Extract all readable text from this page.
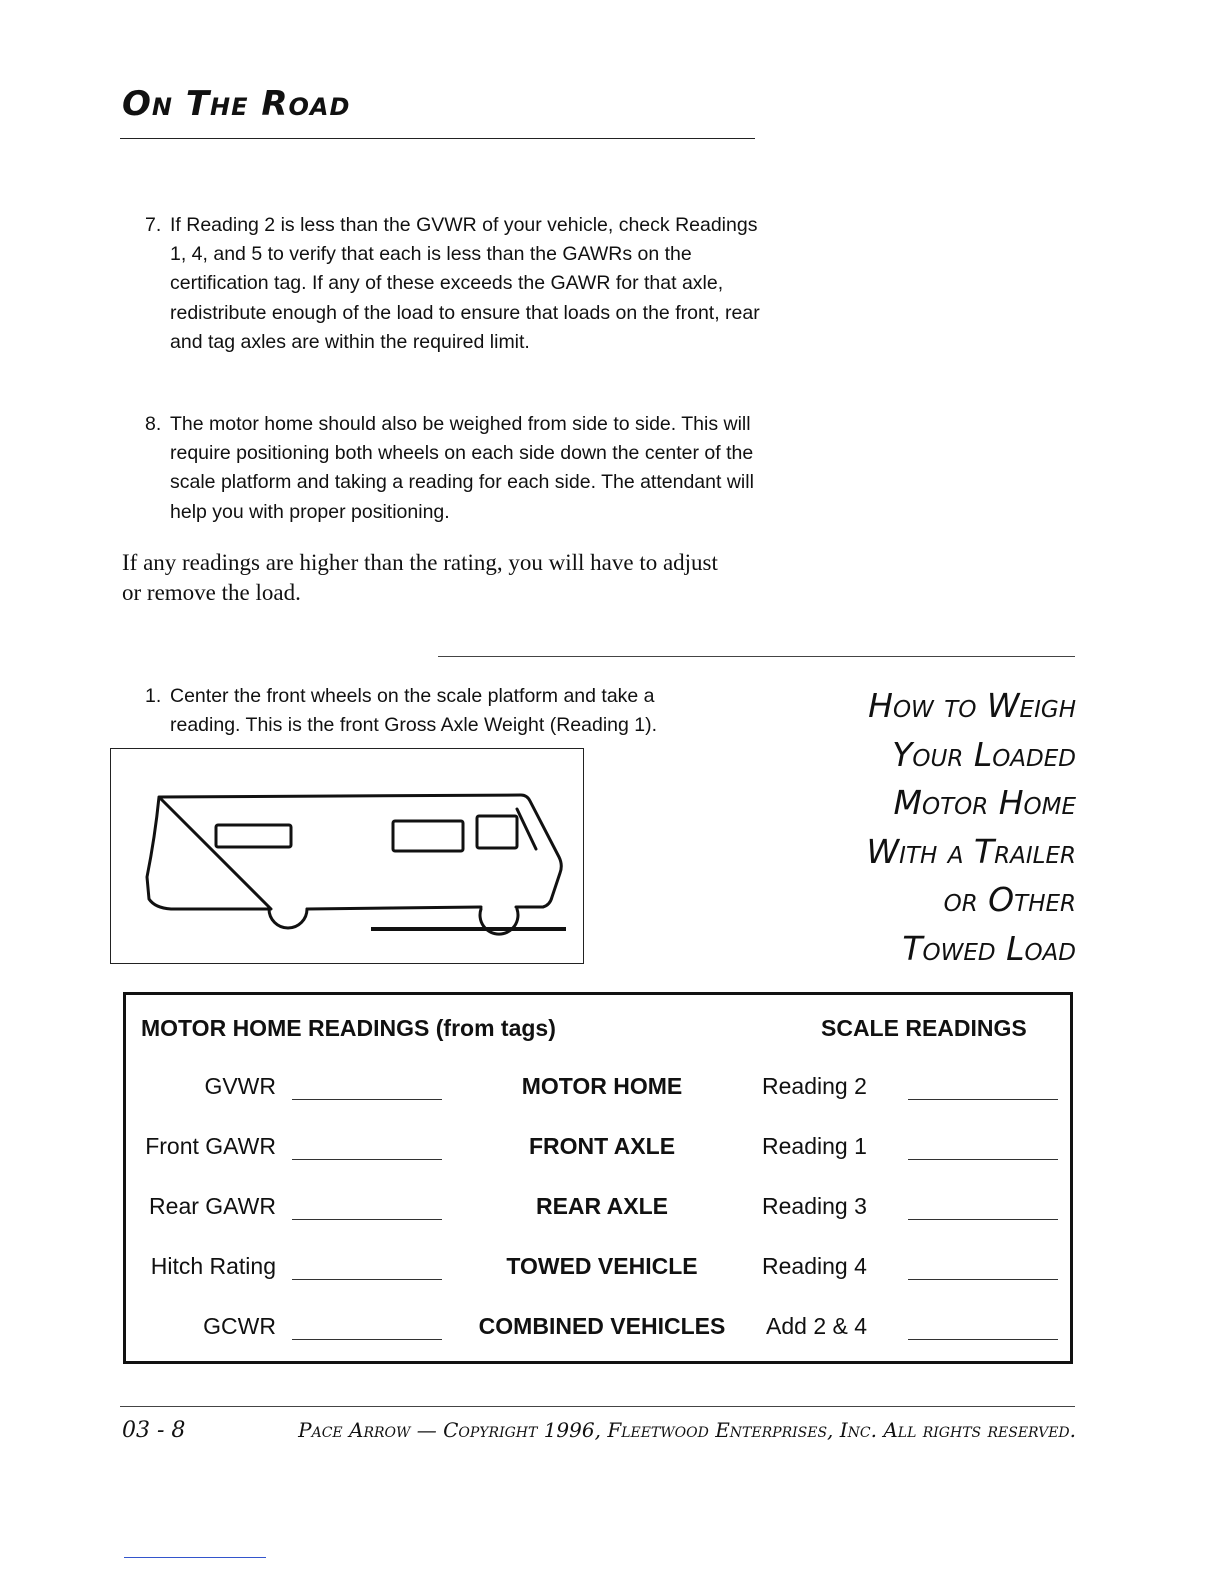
On The Road
7. If Reading 2 is less than the GVWR of your vehicle, check Readings 1, 4, and 5 to verify that each is less than the GAWRs on the certification tag. If any of these exceeds the GAWR for that axle, redistribute enough of the load to ensure that loads on the front, rear and tag axles are within the required limit.
8. The motor home should also be weighed from side to side. This will require positioning both wheels on each side down the center of the scale platform and taking a reading for each side. The attendant will help you with proper positioning.
If any readings are higher than the rating, you will have to adjust or remove the load.
1. Center the front wheels on the scale platform and take a reading. This is the front Gross Axle Weight (Reading 1).
How to Weigh
Your Loaded
Motor Home
With a Trailer
or Other
Towed Load
MOTOR HOME READINGS (from tags)	SCALE READINGS
GVWR	MOTOR HOME	Reading 2
Front GAWR	FRONT AXLE	Reading 1
Rear GAWR	REAR AXLE	Reading 3
Hitch Rating	TOWED VEHICLE	Reading 4
GCWR	COMBINED VEHICLES	Add 2 & 4
03 - 8	Pace Arrow — Copyright 1996, Fleetwood Enterprises, Inc. All rights reserved.
